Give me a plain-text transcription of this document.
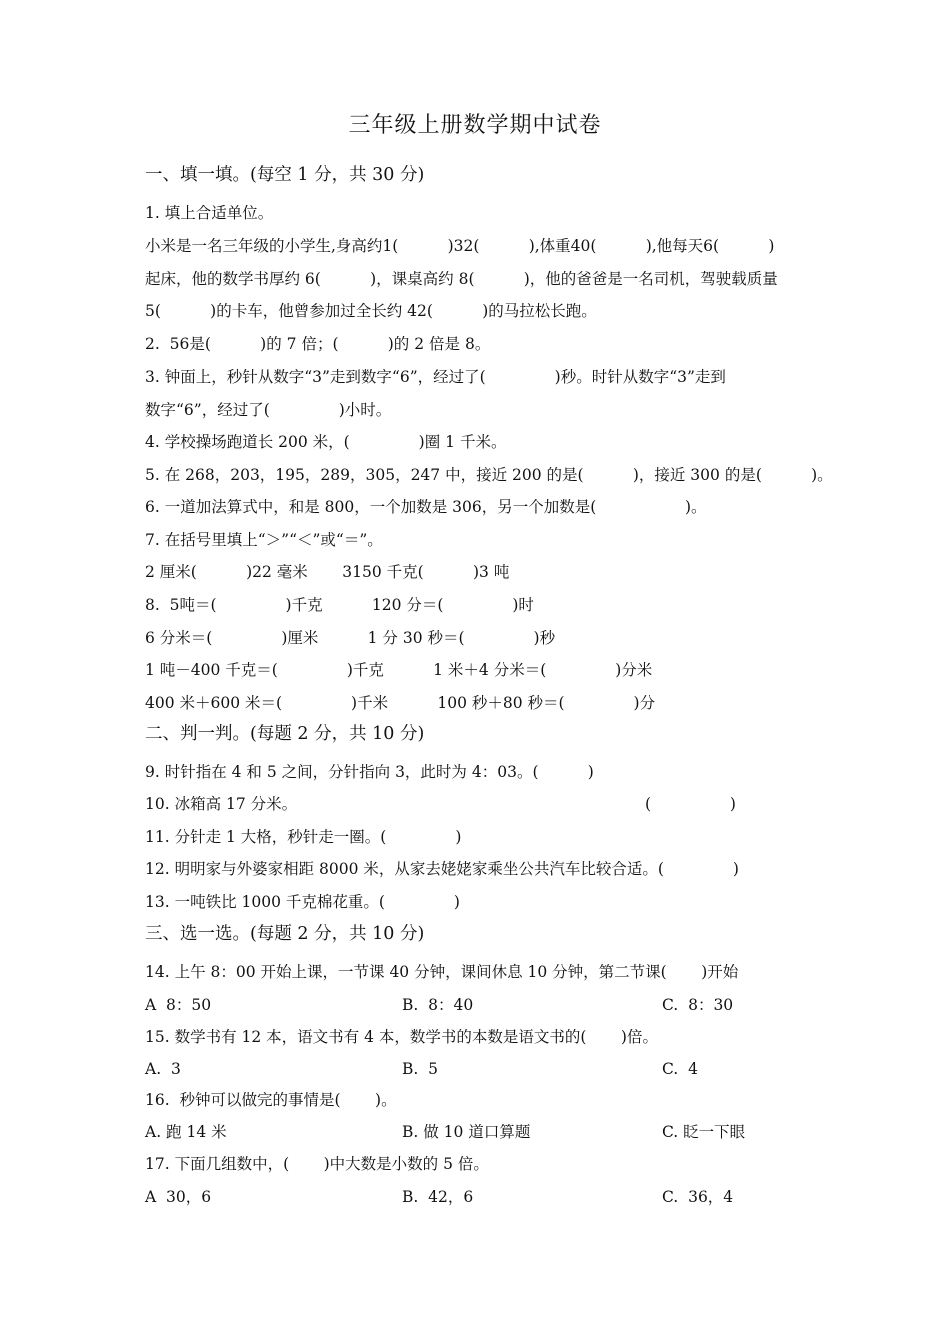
三年级上册数学期中试卷
一、填一填。(每空 1 分，共 30 分)
1. 填上合适单位。
小米是一名三年级的小学生,身高约1(          )32(          ),体重40(          ),他每天6(          )
起床，他的数学书厚约 6(          )，课桌高约 8(          )，他的爸爸是一名司机，驾驶载质量
5(          )的卡车，他曾参加过全长约 42(          )的马拉松长跑。
2.  56是(          )的 7 倍；(          )的 2 倍是 8。
3. 钟面上，秒针从数字“3”走到数字“6”，经过了(              )秒。时针从数字“3”走到
数字“6”，经过了(              )小时。
4. 学校操场跑道长 200 米，(              )圈 1 千米。
5. 在 268，203，195，289，305，247 中，接近 200 的是(          )，接近 300 的是(          )。
6. 一道加法算式中，和是 800，一个加数是 306，另一个加数是(                  )。
7. 在括号里填上“＞”“＜”或“＝”。
2 厘米(          )22 毫米       3150 千克(          )3 吨
8.  5吨＝(              )千克          120 分＝(              )时
6 分米＝(              )厘米          1 分 30 秒＝(              )秒
1 吨－400 千克＝(              )千克          1 米＋4 分米＝(              )分米
400 米＋600 米＝(              )千米          100 秒＋80 秒＝(              )分
二、判一判。(每题 2 分，共 10 分)
9. 时针指在 4 和 5 之间，分针指向 3，此时为 4：03。(          )
10. 冰箱高 17 分米。	(                )
11. 分针走 1 大格，秒针走一圈。(              )
12. 明明家与外婆家相距 8000 米，从家去姥姥家乘坐公共汽车比较合适。(              )
13. 一吨铁比 1000 千克棉花重。(              )
三、选一选。(每题 2 分，共 10 分)
14. 上午 8：00 开始上课，一节课 40 分钟，课间休息 10 分钟，第二节课(       )开始
A  8：50	B.  8：40	C.  8：30
15. 数学书有 12 本，语文书有 4 本，数学书的本数是语文书的(       )倍。
A.  3	B.  5	C.  4
16.  秒钟可以做完的事情是(       )。
A. 跑 14 米	B. 做 10 道口算题	C. 眨一下眼
17. 下面几组数中，(       )中大数是小数的 5 倍。
A  30，6	B.  42，6	C.  36，4
